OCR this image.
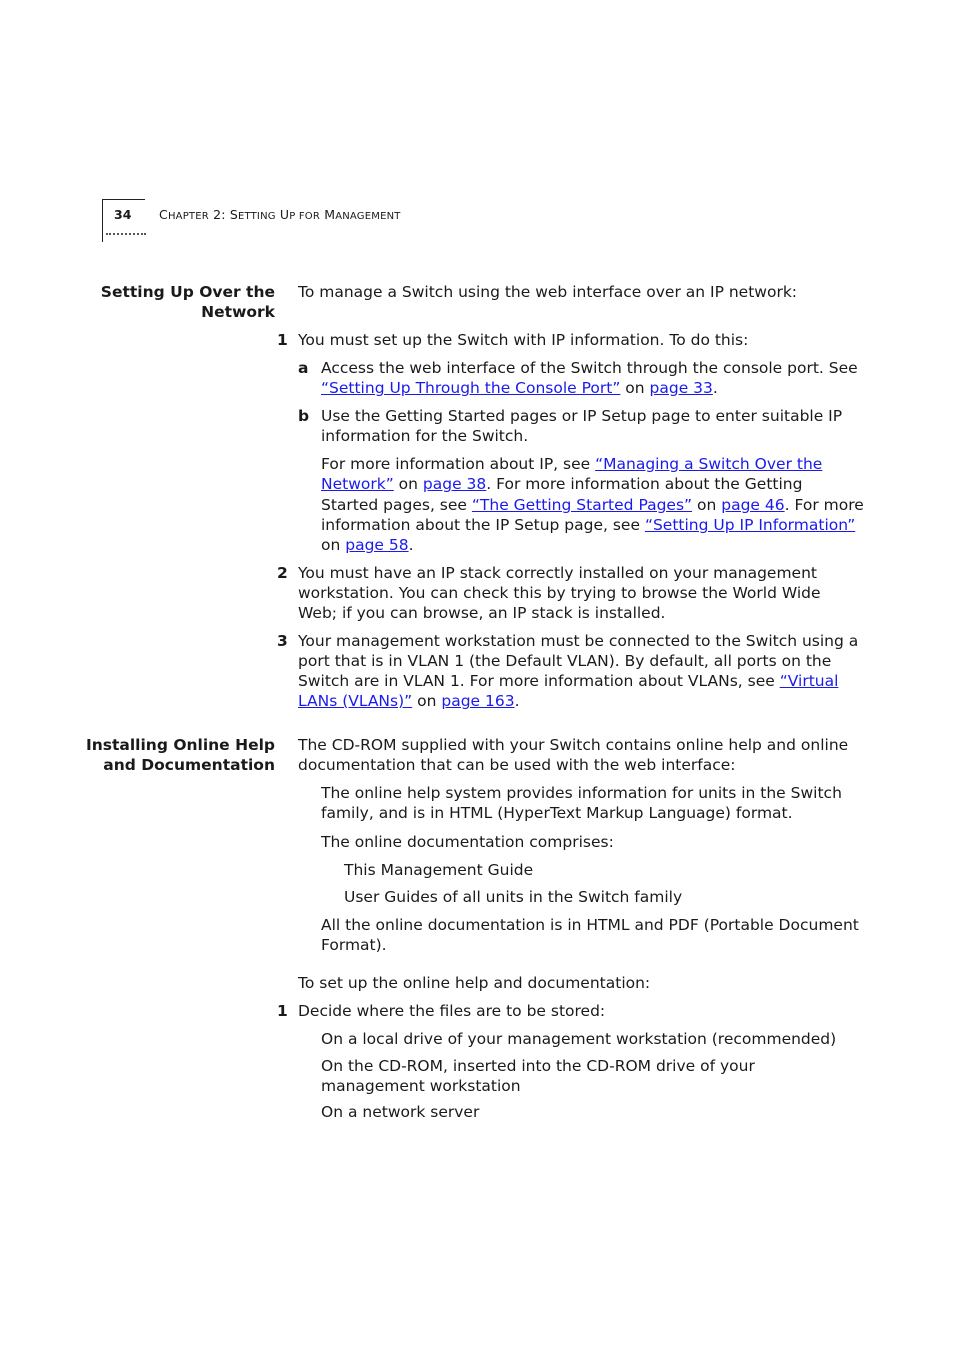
34 CHAPTER 2: SETTING UP FOR MANAGEMENT
Setting Up Over the
Network
To manage a Switch using the web interface over an IP network:
1 You must set up the Switch with IP information. To do this:
a Access the web interface of the Switch through the console port. See
“Setting Up Through the Console Port” on page 33.
b Use the Getting Started pages or IP Setup page to enter suitable IP
information for the Switch.
For more information about IP, see “Managing a Switch Over the
Network” on page 38. For more information about the Getting
Started pages, see “The Getting Started Pages” on page 46. For more
information about the IP Setup page, see “Setting Up IP Information”
on page 58.
2 You must have an IP stack correctly installed on your management
workstation. You can check this by trying to browse the World Wide
Web; if you can browse, an IP stack is installed.
3 Your management workstation must be connected to the Switch using a
port that is in VLAN 1 (the Default VLAN). By default, all ports on the
Switch are in VLAN 1. For more information about VLANs, see “Virtual
LANs (VLANs)” on page 163.
Installing Online Help
and Documentation
The CD-ROM supplied with your Switch contains online help and online
documentation that can be used with the web interface:
The online help system provides information for units in the Switch
family, and is in HTML (HyperText Markup Language) format.
The online documentation comprises:
This Management Guide
User Guides of all units in the Switch family
All the online documentation is in HTML and PDF (Portable Document
Format).
To set up the online help and documentation:
1 Decide where the files are to be stored:
On a local drive of your management workstation (recommended)
On the CD-ROM, inserted into the CD-ROM drive of your
management workstation
On a network server
